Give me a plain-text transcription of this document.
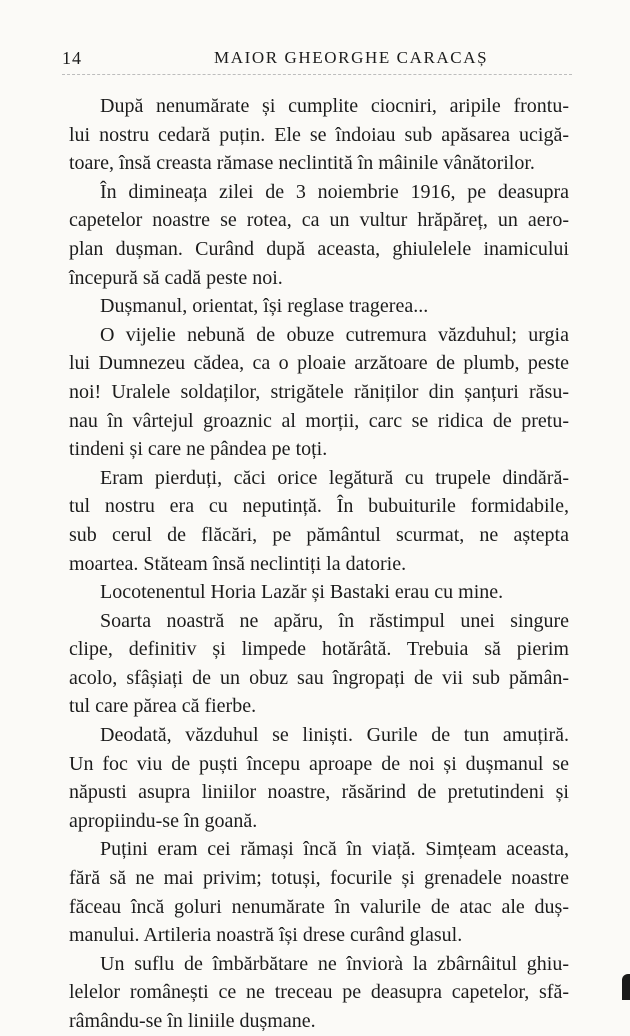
14	MAIOR GHEORGHE CARACAȘ
După nenumărate și cumplite ciocniri, aripile frontu-
lui nostru cedară puțin. Ele se îndoiau sub apăsarea ucigă-
toare, însă creasta rămase neclintită în mâinile vânătorilor.
În dimineața zilei de 3 noiembrie 1916, pe deasupra
capetelor noastre se rotea, ca un vultur hrăpăreț, un aero-
plan dușman. Curând după aceasta, ghiulelele inamicului
începură să cadă peste noi.
Dușmanul, orientat, își reglase tragerea...
O vijelie nebună de obuze cutremura văzduhul; urgia
lui Dumnezeu cădea, ca o ploaie arzătoare de plumb, peste
noi! Uralele soldaților, strigătele răniților din șanțuri răsu-
nau în vârtejul groaznic al morții, carc se ridica de pretu-
tindeni și care ne pândea pe toți.
Eram pierduți, căci orice legătură cu trupele dindără-
tul nostru era cu neputință. În bubuiturile formidabile,
sub cerul de flăcări, pe pământul scurmat, ne aștepta
moartea. Stăteam însă neclintiți la datorie.
Locotenentul Horia Lazăr și Bastaki erau cu mine.
Soarta noastră ne apăru, în răstimpul unei singure
clipe, definitiv și limpede hotărâtă. Trebuia să pierim
acolo, sfâșiați de un obuz sau îngropați de vii sub pămân-
tul care părea că fierbe.
Deodată, văzduhul se liniști. Gurile de tun amuțiră.
Un foc viu de puști începu aproape de noi și dușmanul se
năpusti asupra liniilor noastre, răsărind de pretutindeni și
apropiindu-se în goană.
Puțini eram cei rămași încă în viață. Simțeam aceasta,
fără să ne mai privim; totuși, focurile și grenadele noastre
făceau încă goluri nenumărate în valurile de atac ale duș-
manului. Artileria noastră își drese curând glasul.
Un suflu de îmbărbătare ne înviorà la zbârnâitul ghiu-
lelelor românești ce ne treceau pe deasupra capetelor, sfă-
râmându-se în liniile dușmane.
